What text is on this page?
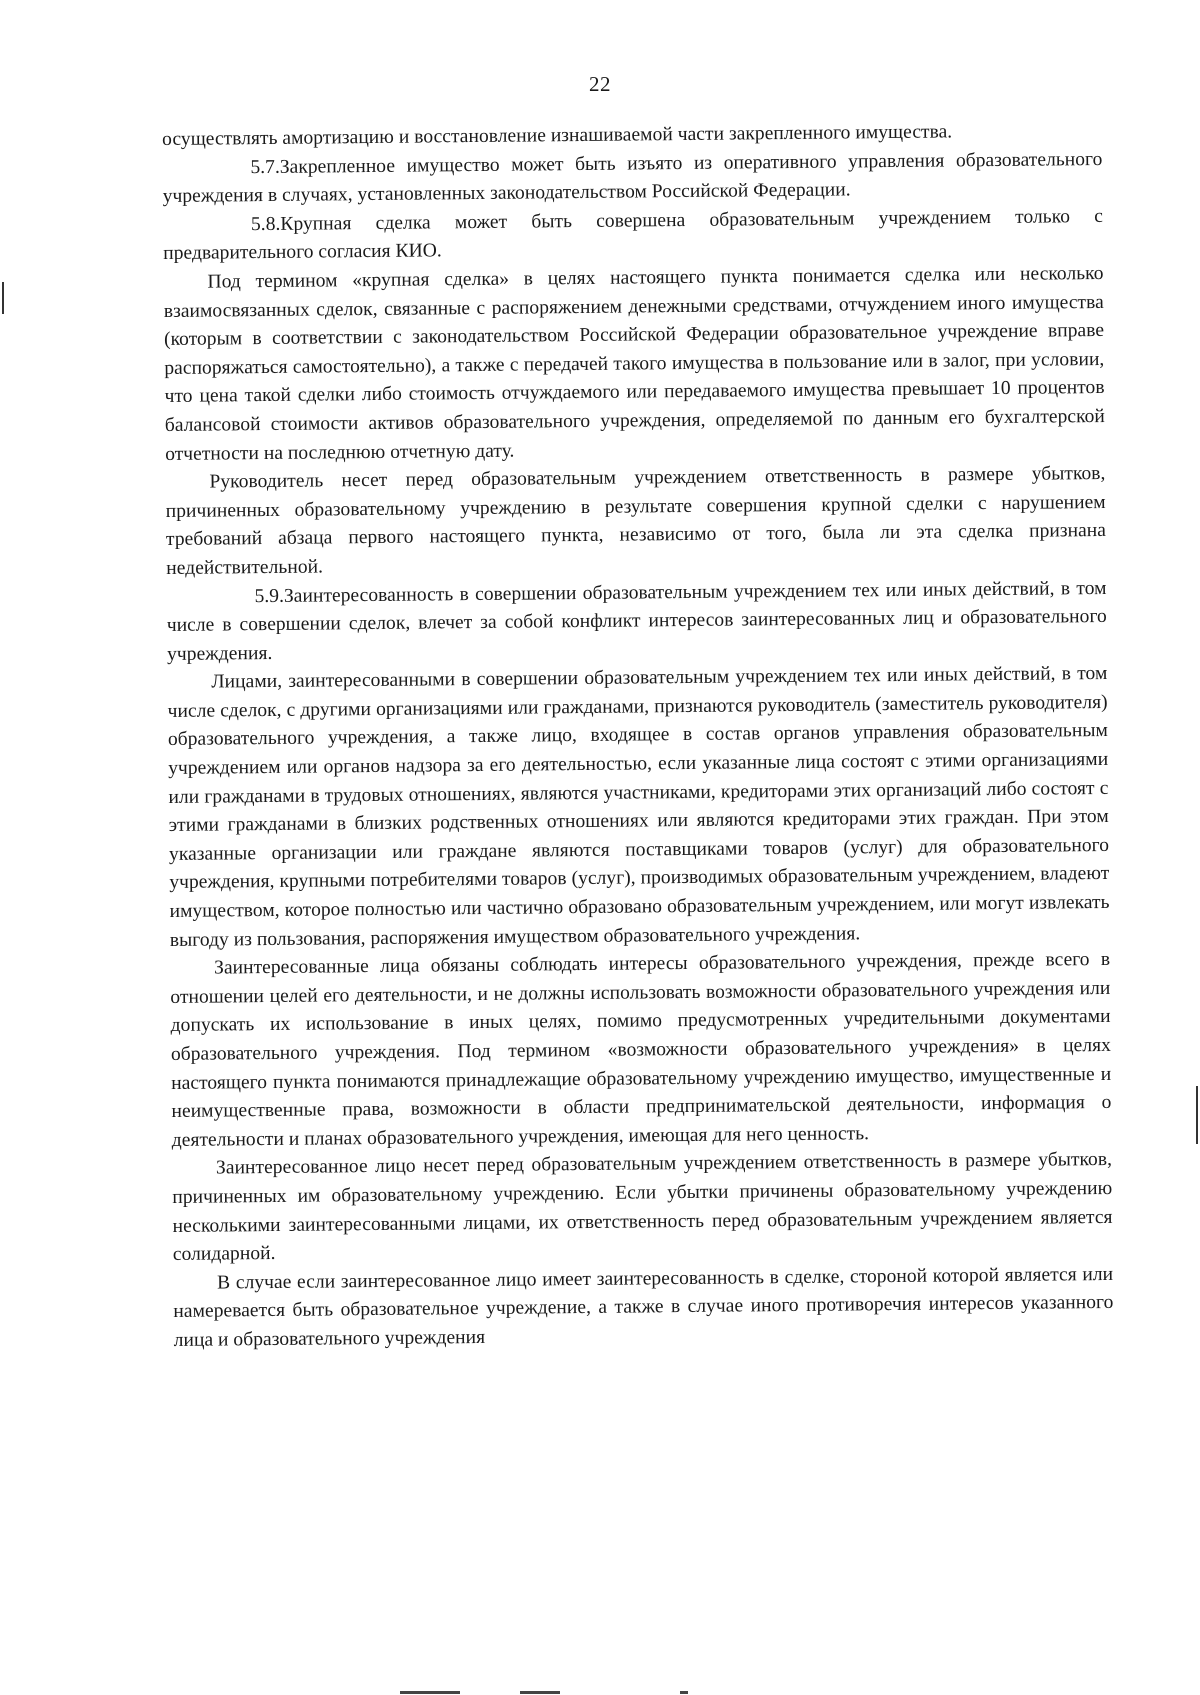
22

осуществлять амортизацию и восстановление изнашиваемой части закрепленного имущества.

5.7.Закрепленное имущество может быть изъято из оперативного управления образовательного учреждения в случаях, установленных законодательством Российской Федерации.

5.8.Крупная сделка может быть совершена образовательным учреждением только с предварительного согласия КИО.

Под термином «крупная сделка» в целях настоящего пункта понимается сделка или несколько взаимосвязанных сделок, связанные с распоряжением денежными средствами, отчуждением иного имущества (которым в соответствии с законодательством Российской Федерации образовательное учреждение вправе распоряжаться самостоятельно), а также с передачей такого имущества в пользование или в залог, при условии, что цена такой сделки либо стоимость отчуждаемого или передаваемого имущества превышает 10 процентов балансовой стоимости активов образовательного учреждения, определяемой по данным его бухгалтерской отчетности на последнюю отчетную дату.

Руководитель несет перед образовательным учреждением ответственность в размере убытков, причиненных образовательному учреждению в результате совершения крупной сделки с нарушением требований абзаца первого настоящего пункта, независимо от того, была ли эта сделка признана недействительной.

5.9.Заинтересованность в совершении образовательным учреждением тех или иных действий, в том числе в совершении сделок, влечет за собой конфликт интересов заинтересованных лиц и образовательного учреждения.

Лицами, заинтересованными в совершении образовательным учреждением тех или иных действий, в том числе сделок, с другими организациями или гражданами, признаются руководитель (заместитель руководителя) образовательного учреждения, а также лицо, входящее в состав органов управления образовательным учреждением или органов надзора за его деятельностью, если указанные лица состоят с этими организациями или гражданами в трудовых отношениях, являются участниками, кредиторами этих организаций либо состоят с этими гражданами в близких родственных отношениях или являются кредиторами этих граждан. При этом указанные организации или граждане являются поставщиками товаров (услуг) для образовательного учреждения, крупными потребителями товаров (услуг), производимых образовательным учреждением, владеют имуществом, которое полностью или частично образовано образовательным учреждением, или могут извлекать выгоду из пользования, распоряжения имуществом образовательного учреждения.

Заинтересованные лица обязаны соблюдать интересы образовательного учреждения, прежде всего в отношении целей его деятельности, и не должны использовать возможности образовательного учреждения или допускать их использование в иных целях, помимо предусмотренных учредительными документами образовательного учреждения. Под термином «возможности образовательного учреждения» в целях настоящего пункта понимаются принадлежащие образовательному учреждению имущество, имущественные и неимущественные права, возможности в области предпринимательской деятельности, информация о деятельности и планах образовательного учреждения, имеющая для него ценность.

Заинтересованное лицо несет перед образовательным учреждением ответственность в размере убытков, причиненных им образовательному учреждению. Если убытки причинены образовательному учреждению несколькими заинтересованными лицами, их ответственность перед образовательным учреждением является солидарной.

В случае если заинтересованное лицо имеет заинтересованность в сделке, стороной которой является или намеревается быть образовательное учреждение, а также в случае иного противоречия интересов указанного лица и образовательного учреждения
